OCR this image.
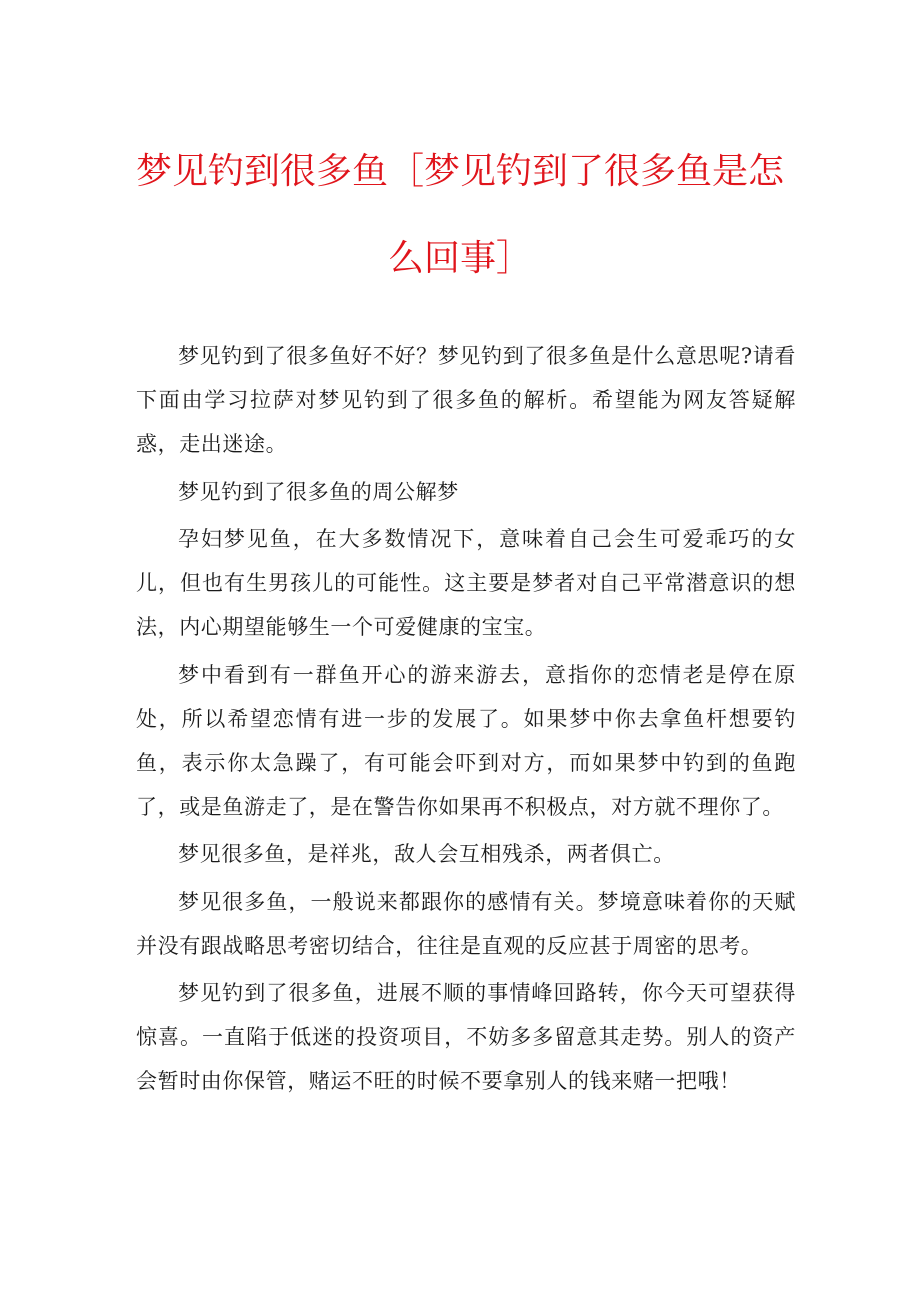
梦见钓到很多鱼［梦见钓到了很多鱼是怎么回事］

梦见钓到了很多鱼好不好？梦见钓到了很多鱼是什么意思呢?请看下面由学习拉萨对梦见钓到了很多鱼的解析。希望能为网友答疑解惑，走出迷途。

梦见钓到了很多鱼的周公解梦

孕妇梦见鱼，在大多数情况下，意味着自己会生可爱乖巧的女儿，但也有生男孩儿的可能性。这主要是梦者对自己平常潜意识的想法，内心期望能够生一个可爱健康的宝宝。

梦中看到有一群鱼开心的游来游去，意指你的恋情老是停在原处，所以希望恋情有进一步的发展了。如果梦中你去拿鱼杆想要钓鱼，表示你太急躁了，有可能会吓到对方，而如果梦中钓到的鱼跑了，或是鱼游走了，是在警告你如果再不积极点，对方就不理你了。

梦见很多鱼，是祥兆，敌人会互相残杀，两者俱亡。

梦见很多鱼，一般说来都跟你的感情有关。梦境意味着你的天赋并没有跟战略思考密切结合，往往是直观的反应甚于周密的思考。

梦见钓到了很多鱼，进展不顺的事情峰回路转，你今天可望获得惊喜。一直陷于低迷的投资项目，不妨多多留意其走势。别人的资产会暂时由你保管，赌运不旺的时候不要拿别人的钱来赌一把哦！
